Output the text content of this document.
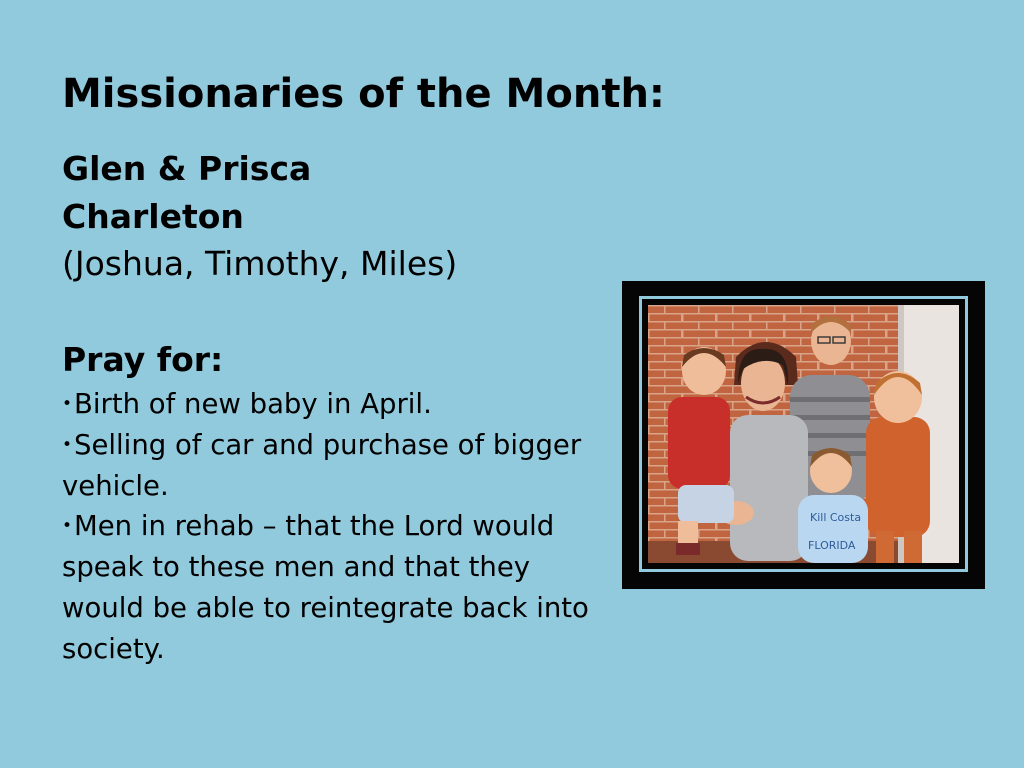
Missionaries of the Month:
Glen & Prisca
Charleton
(Joshua, Timothy, Miles)
Pray for:
•Birth of new baby in April.
•Selling of car and purchase of bigger vehicle.
•Men in rehab – that the Lord would speak to these men and that they would be able to reintegrate back into society.
Kill Costa
FLORIDA
